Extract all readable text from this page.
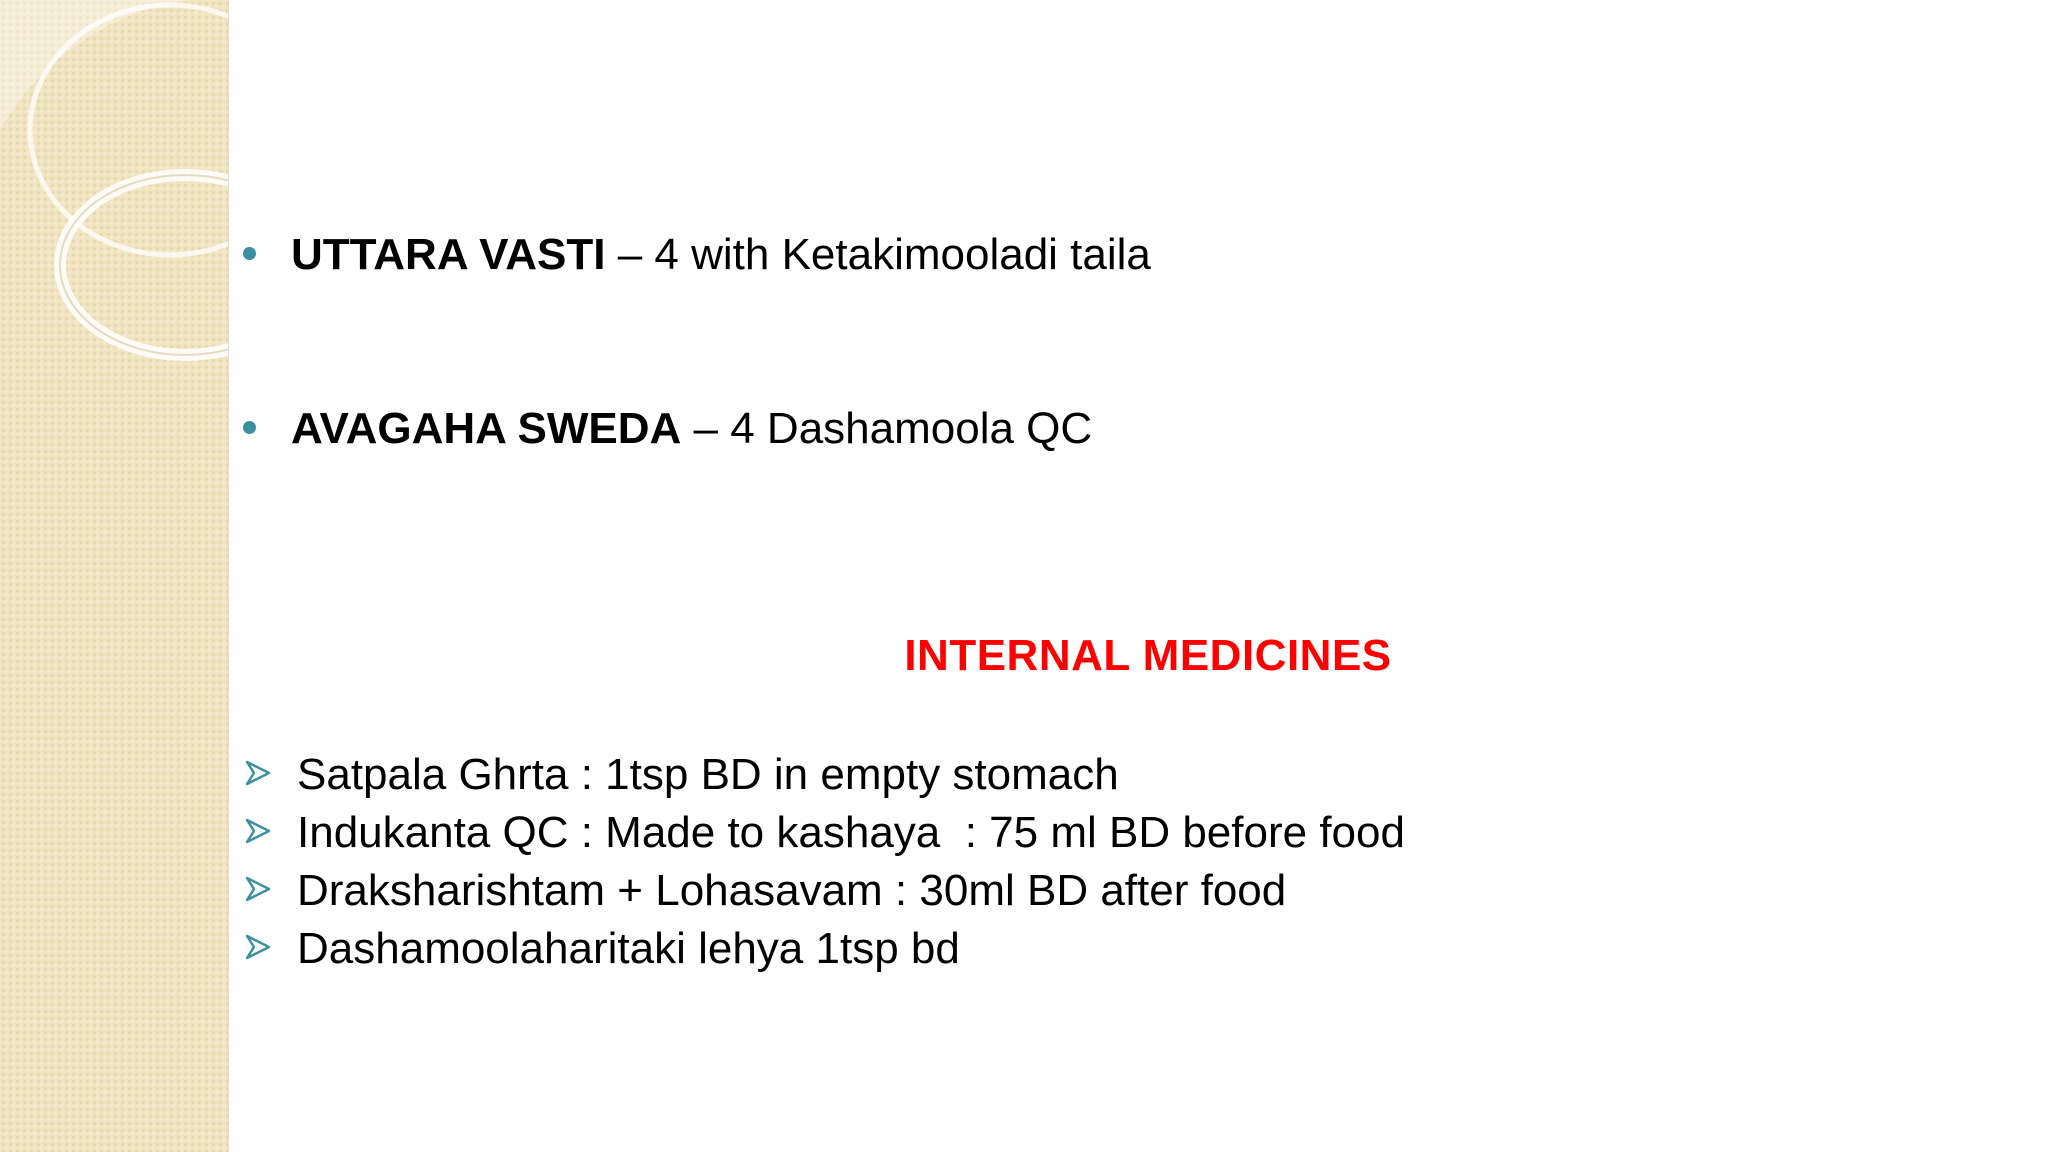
UTTARA VASTI – 4 with Ketakimooladi taila
AVAGAHA SWEDA – 4 Dashamoola QC
INTERNAL MEDICINES
Satpala Ghrta : 1tsp BD in empty stomach
Indukanta QC : Made to kashaya  : 75 ml BD before food
Draksharishtam + Lohasavam : 30ml BD after food
Dashamoolaharitaki lehya 1tsp bd
